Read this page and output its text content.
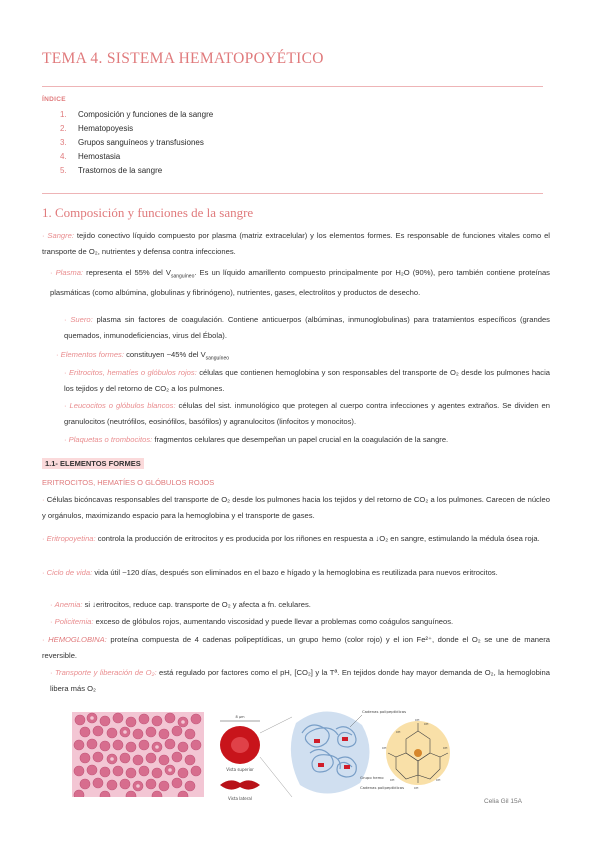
TEMA 4. SISTEMA HEMATOPOYÉTICO
ÍNDICE
1. Composición y funciones de la sangre
2. Hematopoyesis
3. Grupos sanguíneos y transfusiones
4. Hemostasia
5. Trastornos de la sangre
1. Composición y funciones de la sangre
· Sangre: tejido conectivo líquido compuesto por plasma (matriz extracelular) y los elementos formes. Es responsable de funciones vitales como el transporte de O₂, nutrientes y defensa contra infecciones.
· Plasma: representa el 55% del $V_{sanguíneo}$. Es un líquido amarillento compuesto principalmente por H₂O (90%), pero también contiene proteínas plasmáticas (como albúmina, globulinas y fibrinógeno), nutrientes, gases, electrolitos y productos de desecho.
· Suero: plasma sin factores de coagulación. Contiene anticuerpos (albúminas, inmunoglobulinas) para tratamientos específicos (grandes quemados, inmunodeficiencias, virus del Ébola).
· Elementos formes: constituyen ~45% del $V_{sanguíneo}$
· Eritrocitos, hematíes o glóbulos rojos: células que contienen hemoglobina y son responsables del transporte de O₂ desde los pulmones hacia los tejidos y del retorno de CO₂ a los pulmones.
· Leucocitos o glóbulos blancos: células del sist. inmunológico que protegen al cuerpo contra infecciones y agentes extraños. Se dividen en granulocitos (neutrófilos, eosinófilos, basófilos) y agranulocitos (linfocitos y monocitos).
· Plaquetas o trombocitos: fragmentos celulares que desempeñan un papel crucial en la coagulación de la sangre.
1.1- ELEMENTOS FORMES
ERITROCITOS, HEMATÍES O GLÓBULOS ROJOS
· Células bicóncavas responsables del transporte de O₂ desde los pulmones hacia los tejidos y del retorno de CO₂ a los pulmones. Carecen de núcleo y orgánulos, maximizando espacio para la hemoglobina y el transporte de gases.
· Eritropoyetina: controla la producción de eritrocitos y es producida por los riñones en respuesta a ↓O₂ en sangre, estimulando la médula ósea roja.
· Ciclo de vida: vida útil ~120 días, después son eliminados en el bazo e hígado y la hemoglobina es reutilizada para nuevos eritrocitos.
· Anemia: si ↓eritrocitos, reduce cap. transporte de O₂ y afecta a fn. celulares.
· Policitemia: exceso de glóbulos rojos, aumentando viscosidad y puede llevar a problemas como coágulos sanguíneos.
· HEMOGLOBINA: proteína compuesta de 4 cadenas polipeptídicas, un grupo hemo (color rojo) y el ion Fe²⁺, donde el O₂ se une de manera reversible.
· Transporte y liberación de O₂: está regulado por factores como el pH, [CO₂] y la Tª. En tejidos donde hay mayor demanda de O₂, la hemoglobina libera más O₂
8 μm
Vista superior
Vista lateral
Cadenas polipeptídicas
Grupo hemo
Cadenas polipeptídicas
CH
CH
CH
CH
CH
CH
CH
CH
Celia Gil 15A
